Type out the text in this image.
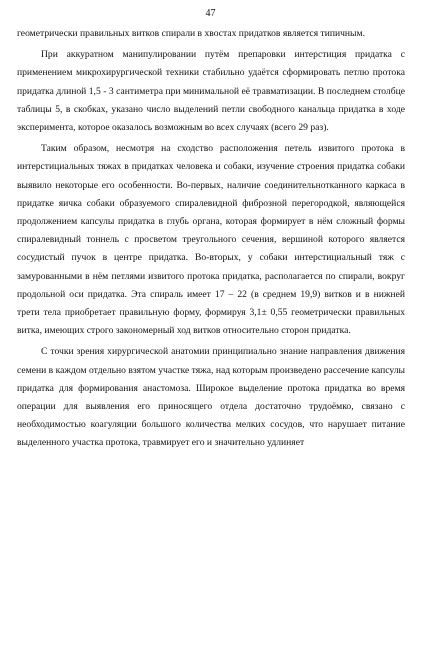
47

геометрически правильных витков спирали в хвостах придатков является типичным.

При аккуратном манипулировании путём препаровки интерстиция придатка с применением микрохирургической техники стабильно удаётся сформировать петлю протока придатка длиной 1,5 - 3 сантиметра при минимальной её травматизации. В последнем столбце таблицы 5, в скобках, указано число выделений петли свободного канальца придатка в ходе эксперимента, которое оказалось возможным во всех случаях (всего 29 раз).

Таким образом, несмотря на сходство расположения петель извитого протока в интерстициальных тяжах в придатках человека и собаки, изучение строения придатка собаки выявило некоторые его особенности. Во-первых, наличие соединительнотканного каркаса в придатке яичка собаки образуемого спиралевидной фиброзной перегородкой, являющейся продолжением капсулы придатка в глубь органа, которая формирует в нём сложный формы спиралевидный тоннель с просветом треугольного сечения, вершиной которого является сосудистый пучок в центре придатка. Во-вторых, у собаки интерстициальный тяж с замурованными в нём петлями извитого протока придатка, располагается по спирали, вокруг продольной оси придатка. Эта спираль имеет 17 – 22 (в среднем 19,9) витков и в нижней трети тела приобретает правильную форму, формируя 3,1± 0,55 геометрически правильных витка, имеющих строго закономерный ход витков относительно сторон придатка.

С точки зрения хирургической анатомии принципиально знание направления движения семени в каждом отдельно взятом участке тяжа, над которым произведено рассечение капсулы придатка для формирования анастомоза. Широкое выделение протока придатка во время операции для выявления его приносящего отдела достаточно трудоёмко, связано с необходимостью коагуляции большого количества мелких сосудов, что нарушает питание выделенного участка протока, травмирует его и значительно удлиняет
